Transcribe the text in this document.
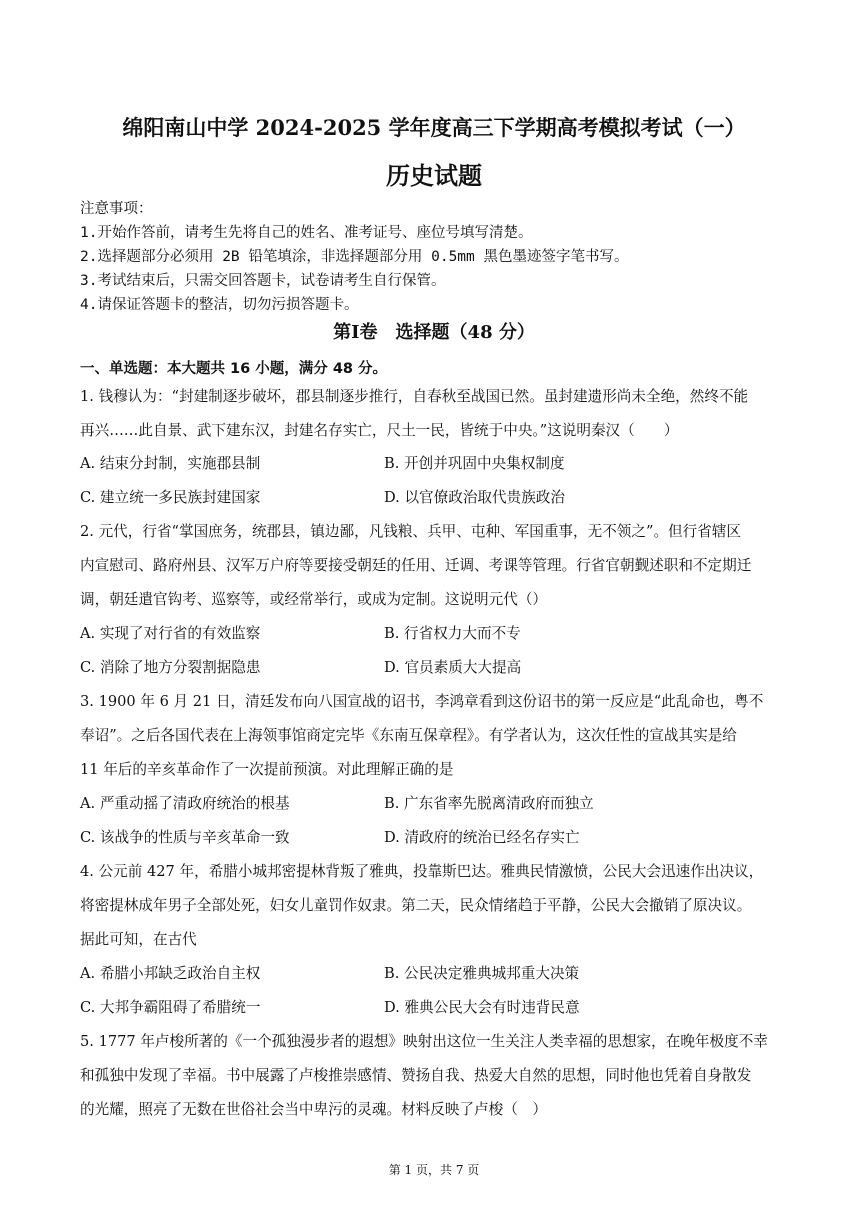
绵阳南山中学 2024-2025 学年度高三下学期高考模拟考试（一）
历史试题
注意事项：
1.开始作答前，请考生先将自己的姓名、准考证号、座位号填写清楚。
2.选择题部分必须用 2B 铅笔填涂，非选择题部分用 0.5mm 黑色墨迹签字笔书写。
3.考试结束后，只需交回答题卡，试卷请考生自行保管。
4.请保证答题卡的整洁，切勿污损答题卡。
第Ⅰ卷　选择题（48 分）
一、单选题：本大题共 16 小题，满分 48 分。
1. 钱穆认为：“封建制逐步破坏，郡县制逐步推行，自春秋至战国已然。虽封建遗形尚未全绝，然终不能
再兴……此自景、武下建东汉，封建名存实亡，尺土一民，皆统于中央。”这说明秦汉（　　）
A. 结束分封制，实施郡县制	B. 开创并巩固中央集权制度
C. 建立统一多民族封建国家	D. 以官僚政治取代贵族政治
2. 元代，行省“掌国庶务，统郡县，镇边鄙，凡钱粮、兵甲、屯种、军国重事，无不领之”。但行省辖区
内宣慰司、路府州县、汉军万户府等要接受朝廷的任用、迁调、考课等管理。行省官朝觐述职和不定期迁
调，朝廷遣官钩考、巡察等，或经常举行，或成为定制。这说明元代（）
A. 实现了对行省的有效监察	B. 行省权力大而不专
C. 消除了地方分裂割据隐患	D. 官员素质大大提高
3. 1900 年 6 月 21 日，清廷发布向八国宣战的诏书，李鸿章看到这份诏书的第一反应是“此乱命也，粤不
奉诏”。之后各国代表在上海领事馆商定完毕《东南互保章程》。有学者认为，这次任性的宣战其实是给
11 年后的辛亥革命作了一次提前预演。对此理解正确的是
A. 严重动摇了清政府统治的根基	B. 广东省率先脱离清政府而独立
C. 该战争的性质与辛亥革命一致	D. 清政府的统治已经名存实亡
4. 公元前 427 年，希腊小城邦密提林背叛了雅典，投靠斯巴达。雅典民情激愤，公民大会迅速作出决议，
将密提林成年男子全部处死，妇女儿童罚作奴隶。第二天，民众情绪趋于平静，公民大会撤销了原决议。
据此可知，在古代
A. 希腊小邦缺乏政治自主权	B. 公民决定雅典城邦重大决策
C. 大邦争霸阻碍了希腊统一	D. 雅典公民大会有时违背民意
5. 1777 年卢梭所著的《一个孤独漫步者的遐想》映射出这位一生关注人类幸福的思想家，在晚年极度不幸
和孤独中发现了幸福。书中展露了卢梭推崇感情、赞扬自我、热爱大自然的思想，同时他也凭着自身散发
的光耀，照亮了无数在世俗社会当中卑污的灵魂。材料反映了卢梭（　）
第 1 页，共 7 页
